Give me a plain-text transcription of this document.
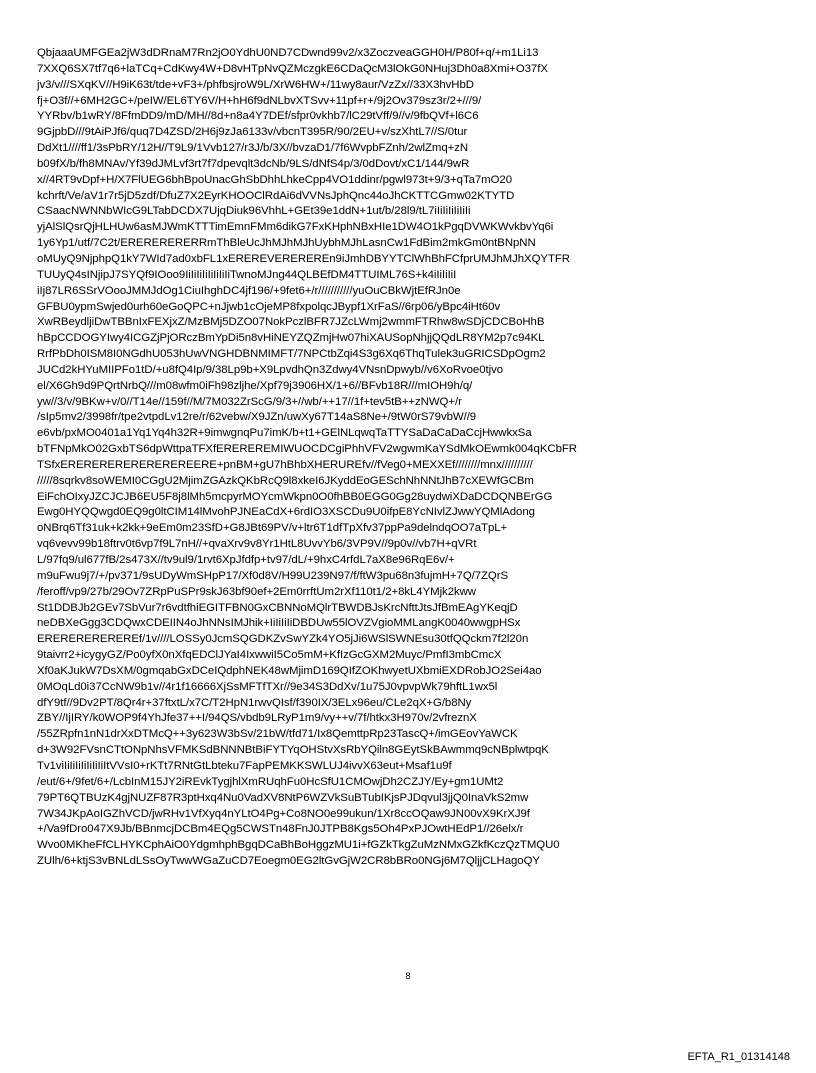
QbjaaaUMFGEa2jW3dDRnaM7Rn2jO0YdhU0ND7CDwnd99v2/x3ZoczveaGGH0H/P80f+q/+m1Li13
7XXQ6SX7tf7q6+laTCq+CdKwy4W+D8vHTpNvQZMczgkE6CDaQcM3lOkG0NHuj3Dh0a8Xmi+O37fX
jv3/v///SXqKV//H9iK63t/tde+vF3+/phfbsjroW9L/XrW6HW+/11wy8aur/VzZx//33X3hvHbD
fj+O3f//+6MH2GC+/peIW/EL6TY6V/H+hH6f9dNLbvXTSvv+11pf+r+/9j2Ov379sz3r/2+///9/
YYRbv/b1wRY/8FfmDD9/mD/MH//8d+n8a4Y7DEf/sfpr0vkhb7/lC29tVff/9//v/9fbQVf+l6C6
9GjpbD///9tAiPJf6/quq7D4ZSD/2H6j9zJa6133v/vbcnT395R/90/2EU+v/szXhtL7//S/0tur
DdXt1////ff1/3sPbRY/12H//T9L9/1Vvb127/r3J/b/3X//bvzaD1/7f6WvpbFZnh/2wlZmq+zN
b09fX/b/fh8MNAv/Yf39dJMLvf3rt7f7dpevqlt3dcNb/9LS/dNfS4p/3/0dDovt/xC1/144/9wR
x//4RT9vDpf+H/X7FlUEG6bhBpoUnacGhSbDhhLhkeCpp4VO1ddinr/pgwl973t+9/3+qTa7mO20
kchrft/Ve/aV1r7r5jD5zdf/DfuZ7X2EyrKHOOClRdAi6dVVNsJphQnc44oJhCKTTCGmw02KTYTD
CSaacNWNNbWIcG9LTabDCDX7UjqDiuk96VhhL+GEt39e1ddN+1ut/b/28l9/tL7iIiIiIiIiIiIi
yjAlSlQsrQjHLHUw6asMJWmKTTTimEmnFMm6dikG7FxKHphNBxHIe1DW4O1kPgqDVWKWvkbvYq6i
1y6Yp1/utf/7C2t/ERERERERERRmThBleUcJhMJhMJhUybhMJhLasnCw1FdBim2mkGm0ntBNpNN
oMUyQ9NjphpQ1kY7WId7ad0xbFL1xEREREVEREREREn9iJmhDBYYTClWhBhFCfprUMJhMJhXQYTFR
TUUyQ4sINjipJ7SYQf9IOoo9IiIiIiIiIiIiIiIiTwnoMJng44QLBEfDM4TTUIML76S+k4iIiIiIiI
iIj87LR6SSrVOooJMMJdOg1CiuIhghDC4jf196/+9fet6+/r///////////yuOuCBkWjtEfRJn0e
GFBU0ypmSwjed0urh60eGoQPC+nJjwb1cOjeMP8fxpolqcJBypf1XrFaS//6rp06/yBpc4iHt60v
XwRBeydljiDwTBBnIxFEXjxZ/MzBMj5DZO07NokPczlBFR7JZcLWmj2wmmFTRhw8wSDjCDCBoHhB
hBpCCDOGYIwy4ICGZjPjORczBmYpDi5n8vHiNEYZQZmjHw07hiXAUSopNhjjQQdLR8YM2p7c94KL
RrfPbDh0ISM8I0NGdhU053hUwVNGHDBNMIMFT/7NPCtbZqi4S3g6Xq6ThqTulek3uGRICSDpOgm2
JUCd2kHYuMIIPFo1tD/+u8fQ4Ip/9/38Lp9b+X9LpvdhQn3Zdwy4VNsnDpwyb//v6XoRvoe0tjvo
el/X6Gh9d9PQrtNrbQ///m08wfm0iFh98zljhe/Xpf79j3906HX/1+6//BFvb18R///mIOH9h/q/
yw//3/v/9BKw+v/0//T14e//159f//M/7M032ZrScG/9/3+//wb/++17//1f+tev5tB++zNWQ+/r
/sIp5mv2/3998fr/tpe2vtpdLv12re/r/62vebw/X9JZn/uwXy67T14aS8Ne+/9tW0rS79vbW//9
e6vb/pxMO0401a1Yq1Yq4h32R+9imwgnqPu7imK/b+t1+GElNLqwqTaTTYSaDaCaDaCcjHwwkxSa
bTFNpMkO02GxbTS6dpWttpaTFXfEREREREMIWUOCDCgiPhhVFV2wgwmKaYSdMkOEwmk004qKCbFR
TSfxEREREREREREREREREERE+pnBM+gU7hBhbXHERUREfv//fVeg0+MEXXEf////////mnx//////////
/////8sqrkv8soWEMI0CGgU2MjimZGAzkQKbRcQ9l8xkeI6JKyddEoGESchNhNNtJhB7cXEWfGCBm
EiFchOIxyJZCJCJB6EU5F8j8lMh5mcpyrMOYcmWkpn0O0fhBB0EGG0Gg28uydwiXDaDCDQNBErGG
Ewg0HYQQwgd0EQ9g0ltCIM14lMvohPJNEaCdX+6rdIO3XSCDu9U0ifpE8YcNIvlZJwwYQMlAdong
oNBrq6Tf31uk+k2kk+9eEm0m23SfD+G8JBt69PV/v+ltr6T1dfTpXfv37ppPa9delndqOO7aTpL+
vq6vevv99b18ftrv0t6vp7f9L7nH//+qvaXrv9v8Yr1HtL8UvvYb6/3VP9V//9p0v//vb7H+qVRt
L/97fq9/ul677fB/2s473X//tv9ul9/1rvt6XpJfdfp+tv97/dL/+9hxC4rfdL7aX8e96RqE6v/+
m9uFwu9j7/+/pv371/9sUDyWmSHpP17/Xf0d8V/H99U239N97/f/ftW3pu68n3fujmH+7Q/7ZQrS
/feroff/vp9/27b/29Ov7ZRpPuSPr9skJ63bf90ef+2Em0rrftUm2rXf110t1/2+8kL4YMjk2kww
St1DDBJb2GEv7SbVur7r6vdtfhiEGITFBN0GxCBNNoMQlrTBWDBJsKrcNfttJtsJfBmEAgYKeqjD
neDBXeGgg3CDQwxCDEIIN4oJhNNsIMJhik+IiIiIiIiDBDUw55lOVZVgioMMLangK0040wwgpHSx
EREREREREREREf/1v////LOSSy0JcmSQGDKZvSwYZk4YO5jJi6WSlSWNEsu30tfQQckm7f2l20n
9taivrr2+icygyGZ/Po0yfX0nXfqEDClJYaI4IxwwiI5Co5mM+KfIzGcGXM2Muyc/PmfI3mbCmcX
Xf0aKJukW7DsXM/0gmqabGxDCeIQdphNEK48wMjimD169QIfZOKhwyetUXbmiEXDRobJO2Sei4ao
0MOqLd0i37CcNW9b1v//4r1f16666XjSsMFTfTXr//9e34S3DdXv/1u75J0vpvpWk79hftL1wx5l
dfY9tf//9Dv2PT/8Qr4r+37ftxtL/x7C/T2HpN1rwvQIsf/f390IX/3ELx96eu/CLe2qX+G/b8Ny
ZBY//IjIRY/k0WOP9f4YhJfe37++I/94QS/vbdb9LRyP1m9/vy++v/7f/htkx3H970v/2vfreznX
/55ZRpfn1nN1drXxDTMcQ++3y623W3bSv/21bW/tfd71/Ix8QemttpRp23TascQ+/imGEovYaWCK
d+3W92FVsnCTtONpNhsVFMKSdBNNNBtBiFYTYqOHStvXsRbYQiln8GEytSkBAwmmq9cNBplwtpqK
Tv1viIiIiIiIiIiIiIiItVVsI0+rKTt7RNtGtLbteku7FapPEMKKSWLUJ4ivvX63eut+Msaf1u9f
/eut/6+/9fet/6+/LcbInM15JY2iREvkTygjhlXmRUqhFu0HcSfU1CMOwjDh2CZJY/Ey+gm1UMt2
79PT6QTBUzK4gjNUZF87R3ptHxq4Nu0VadXV8NtP6WZVkSuBTubIKjsPJDqvul3jjQ0InaVkS2mw
7W34JKpAoIGZhVCD/jwRHv1VfXyq4nYLtO4Pg+Co8NO0e99ukun/1Xr8ccOQaw9JN00vX9KrXJ9f
+/Va9fDro047X9Jb/BBnmcjDCBm4EQg5CWSTn48FnJ0JTPB8Kgs5Oh4PxPJOwtHEdP1//26elx/r
Wvo0MKheFfCLHYKCphAiO0YdgmhphBgqDCaBhBoHggzMU1i+fGZkTkgZuMzNMxGZkfKczQzTMQU0
ZUlh/6+ktjS3vBNLdLSsOyTwwWGaZuCD7Eoegm0EG2ltGvGjW2CR8bBRo0NGj6M7QljjCLHagoQY
8
EFTA_R1_01314148
